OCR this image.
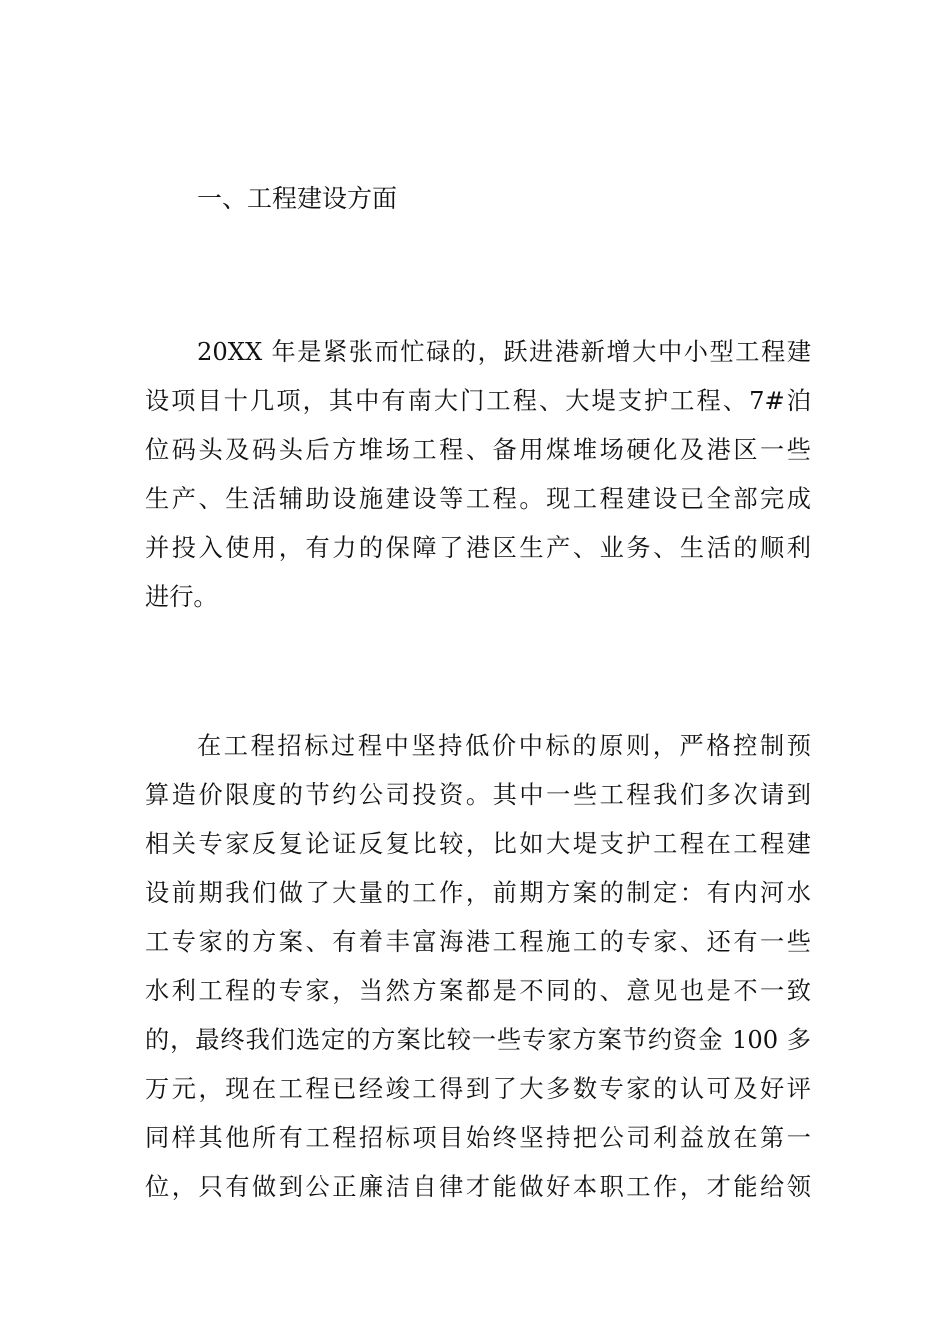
一、工程建设方面
20XX 年是紧张而忙碌的，跃进港新增大中小型工程建
设项目十几项，其中有南大门工程、大堤支护工程、7#泊
位码头及码头后方堆场工程、备用煤堆场硬化及港区一些
生产、生活辅助设施建设等工程。现工程建设已全部完成
并投入使用，有力的保障了港区生产、业务、生活的顺利
进行。
在工程招标过程中坚持低价中标的原则，严格控制预
算造价限度的节约公司投资。其中一些工程我们多次请到
相关专家反复论证反复比较，比如大堤支护工程在工程建
设前期我们做了大量的工作，前期方案的制定：有内河水
工专家的方案、有着丰富海港工程施工的专家、还有一些
水利工程的专家，当然方案都是不同的、意见也是不一致
的，最终我们选定的方案比较一些专家方案节约资金 100 多
万元，现在工程已经竣工得到了大多数专家的认可及好评
同样其他所有工程招标项目始终坚持把公司利益放在第一
位，只有做到公正廉洁自律才能做好本职工作，才能给领
